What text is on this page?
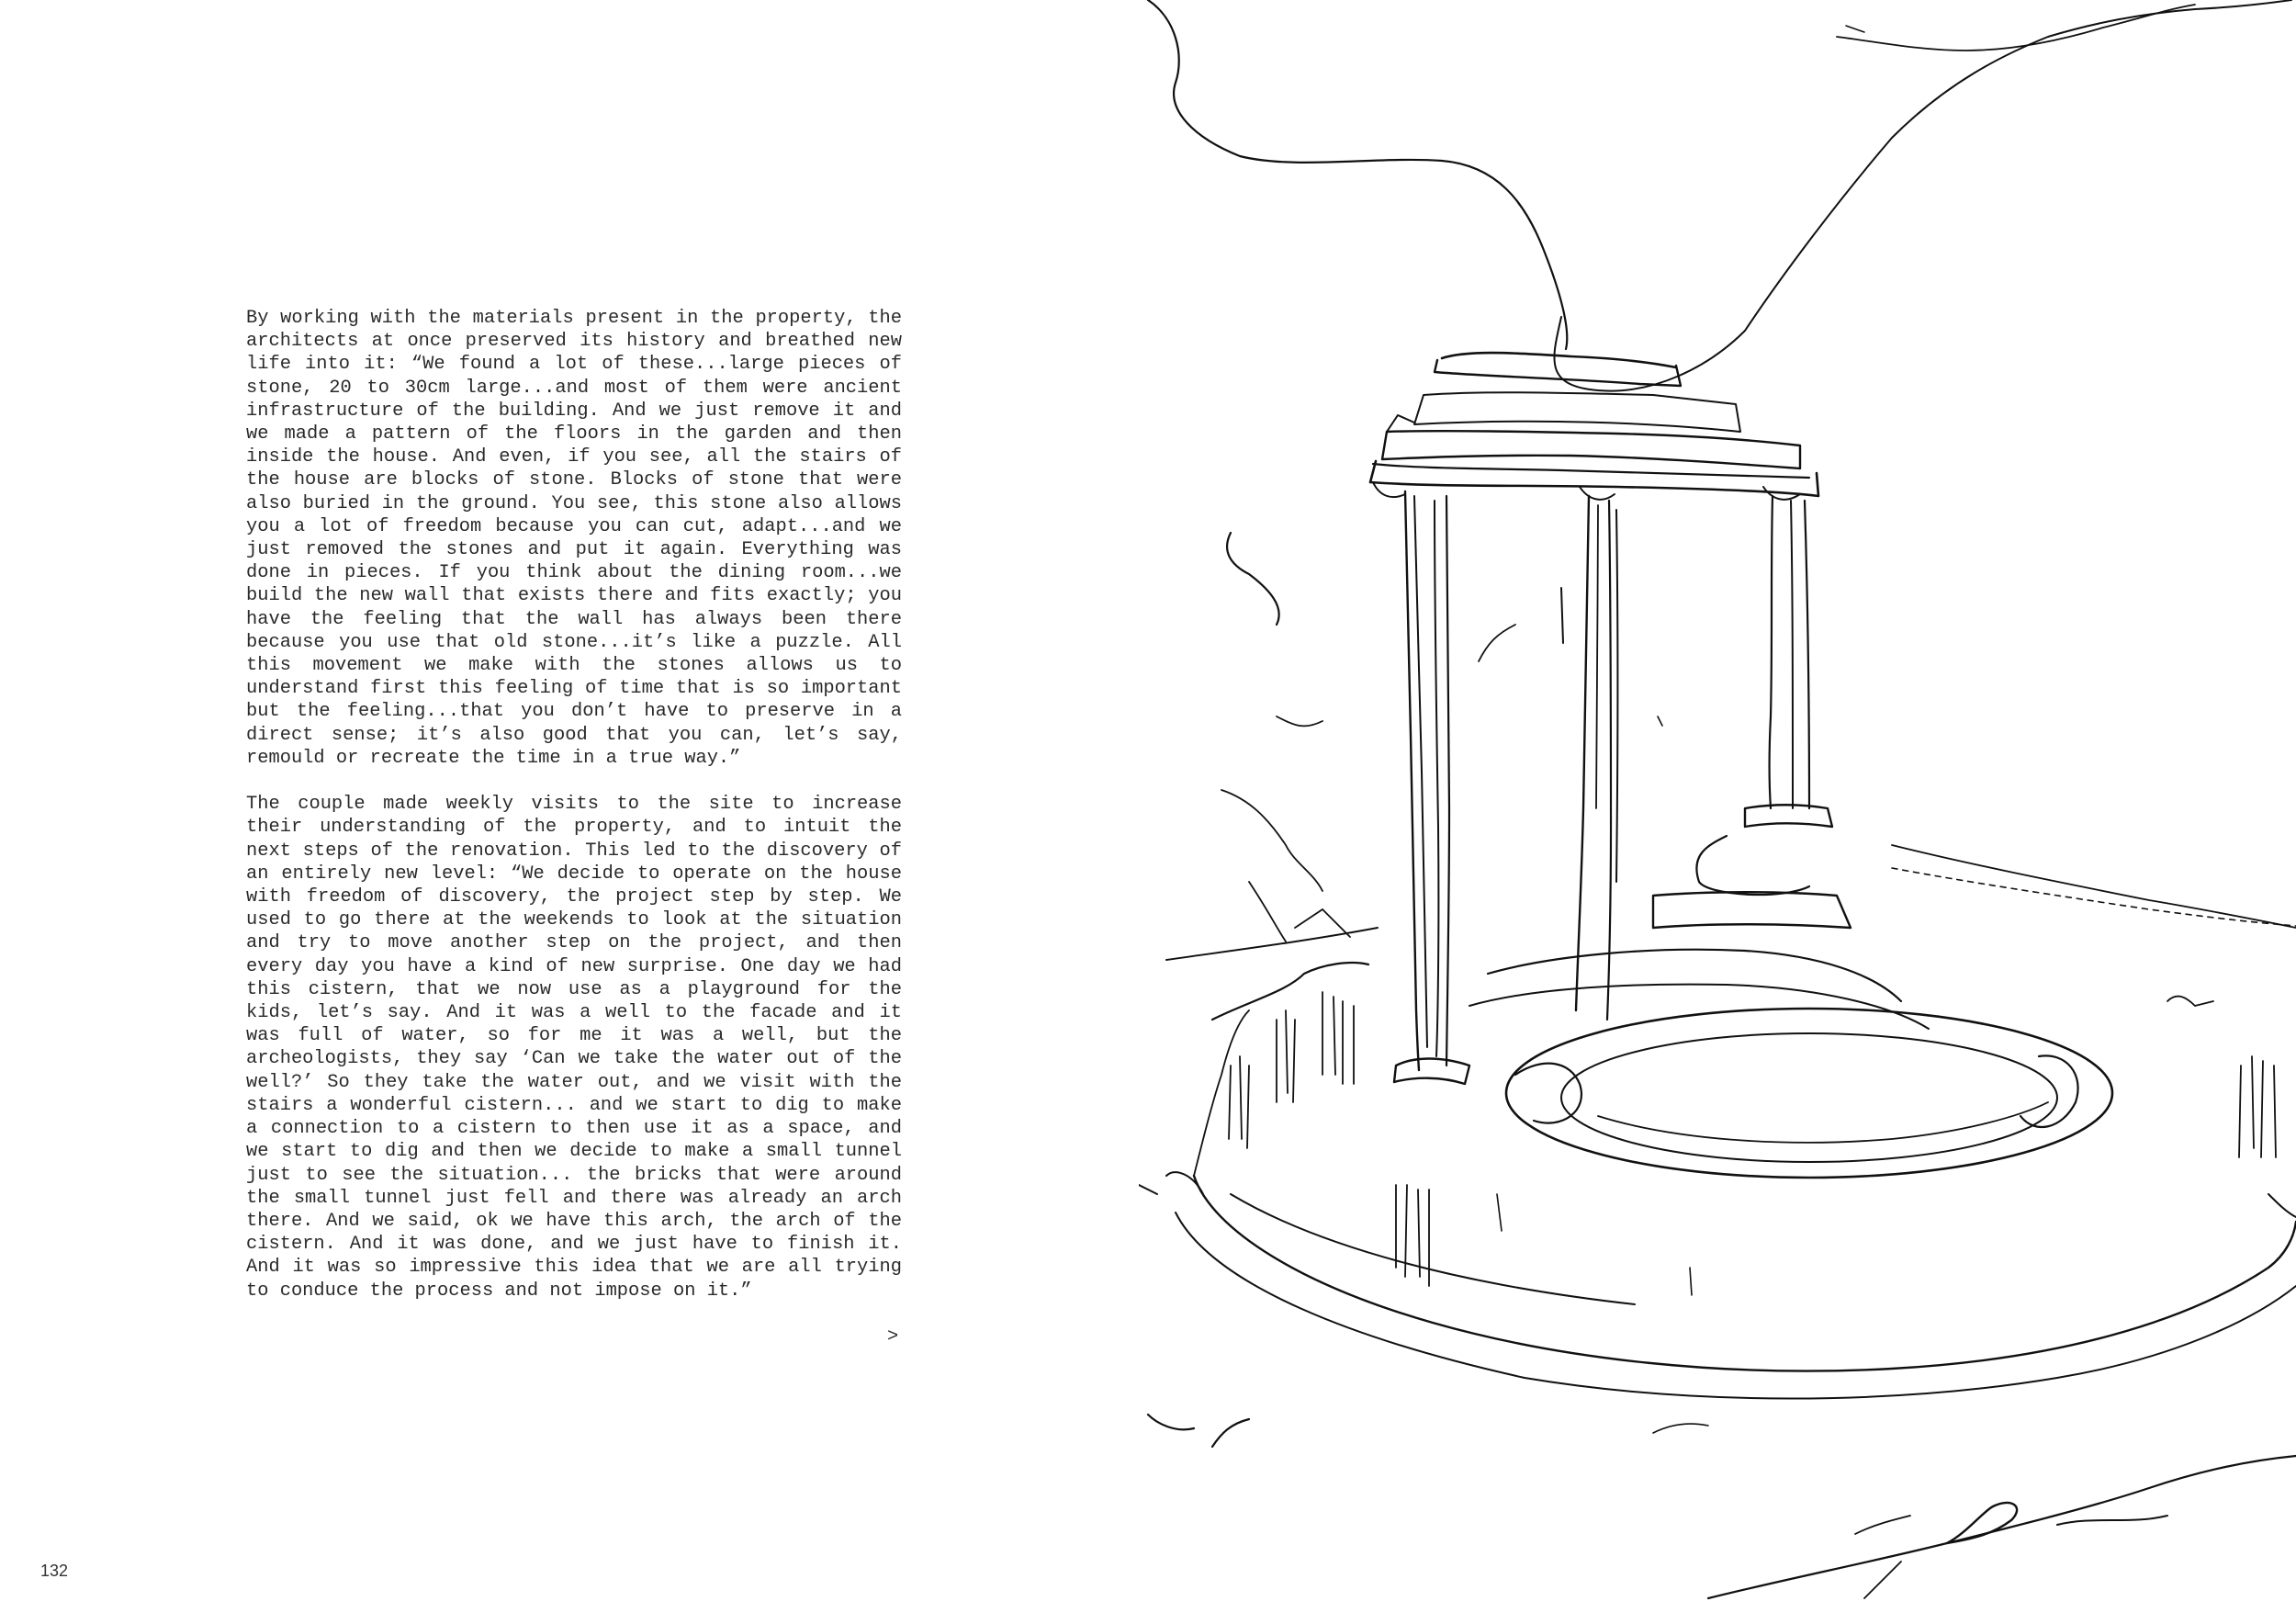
By working with the materials present in the property, the architects at once preserved its history and breathed new life into it: “We found a lot of these...large pieces of stone, 20 to 30cm large...and most of them were ancient infrastructure of the building. And we just remove it and we made a pattern of the floors in the garden and then inside the house. And even, if you see, all the stairs of the house are blocks of stone. Blocks of stone that were also buried in the ground. You see, this stone also allows you a lot of freedom because you can cut, adapt...and we just removed the stones and put it again. Everything was done in pieces. If you think about the dining room...we build the new wall that exists there and fits exactly; you have the feeling that the wall has always been there because you use that old stone...it’s like a puzzle. All this movement we make with the stones allows us to understand first this feeling of time that is so important but the feeling...that you don’t have to preserve in a direct sense; it’s also good that you can, let’s say, remould or recreate the time in a true way.”

The couple made weekly visits to the site to increase their understanding of the property, and to intuit the next steps of the renovation. This led to the discovery of an entirely new level: “We decide to operate on the house with freedom of discovery, the project step by step. We used to go there at the weekends to look at the situation and try to move another step on the project, and then every day you have a kind of new surprise. One day we had this cistern, that we now use as a playground for the kids, let’s say. And it was a well to the facade and it was full of water, so for me it was a well, but the archeologists, they say ‘Can we take the water out of the well?’ So they take the water out, and we visit with the stairs a wonderful cistern... and we start to dig to make a connection to a cistern to then use it as a space, and we start to dig and then we decide to make a small tunnel just to see the situation... the bricks that were around the small tunnel just fell and there was already an arch there. And we said, ok we have this arch, the arch of the cistern. And it was done, and we just have to finish it. And it was so impressive this idea that we are all trying to conduce the process and not impose on it.”

>
132
